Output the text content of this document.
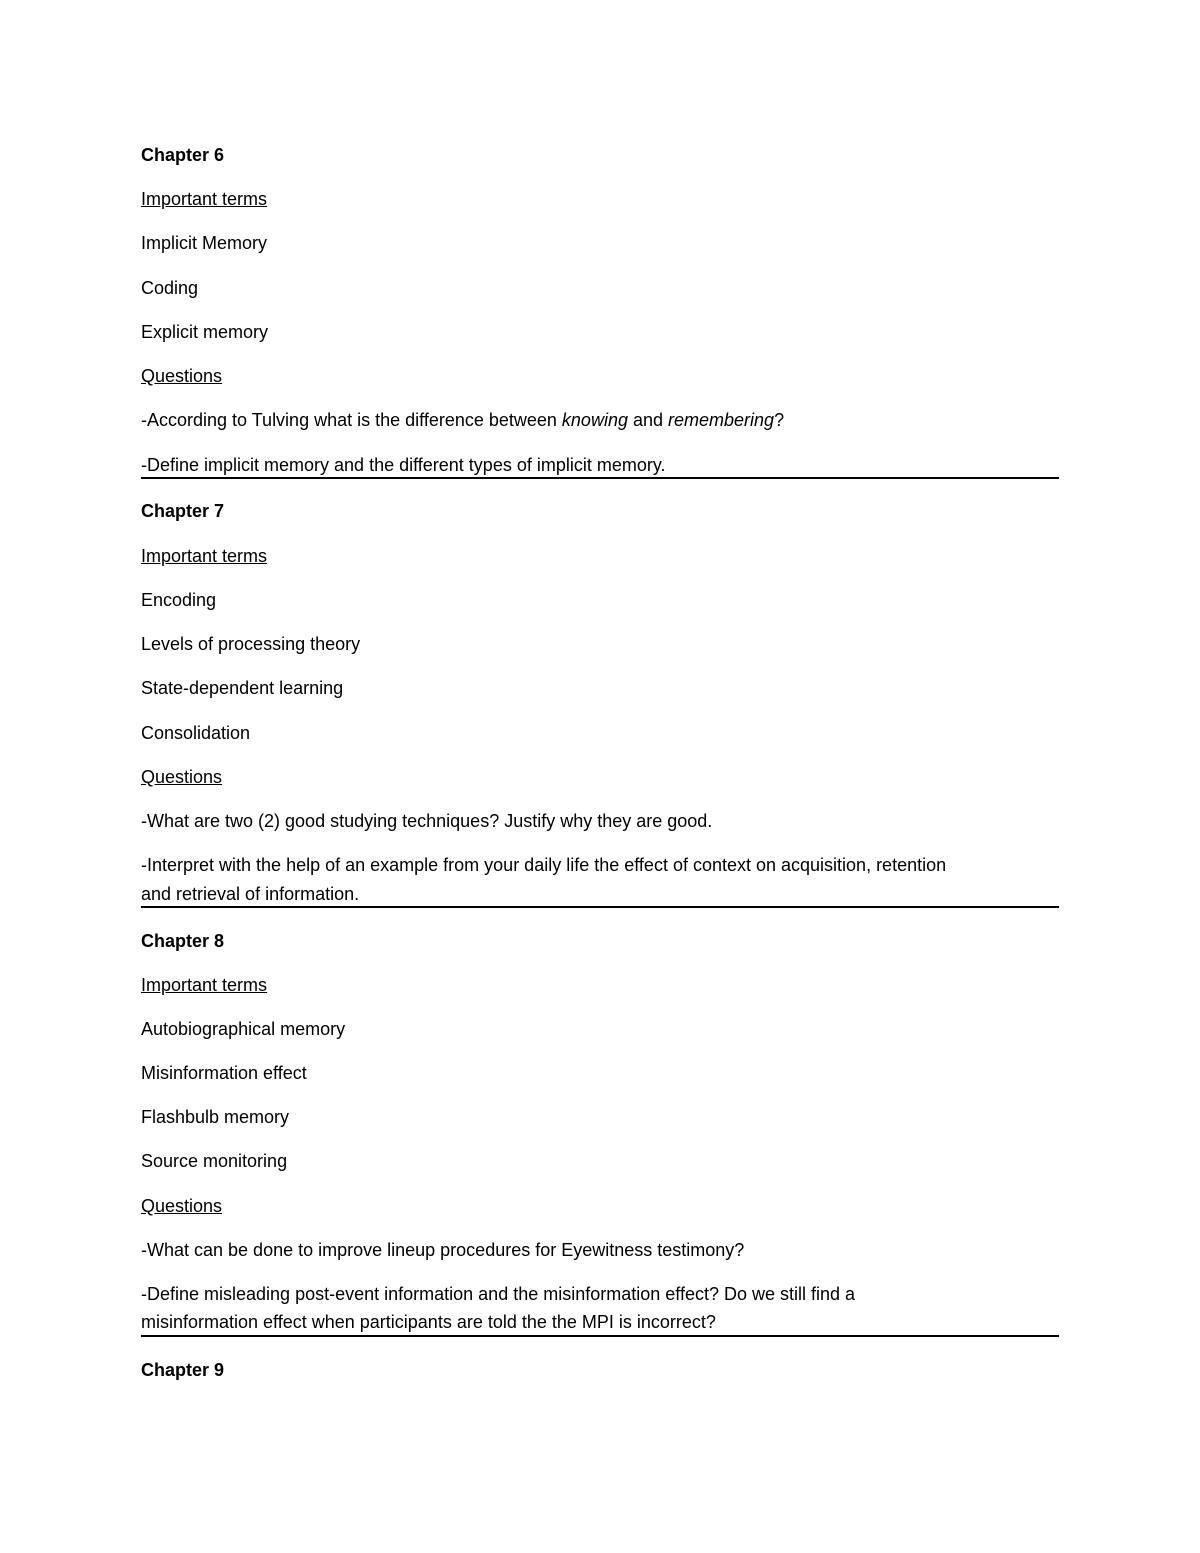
Chapter 6
Important terms
Implicit Memory
Coding
Explicit memory
Questions
-According to Tulving what is the difference between knowing and remembering?
-Define implicit memory and the different types of implicit memory.
Chapter 7
Important terms
Encoding
Levels of processing theory
State-dependent learning
Consolidation
Questions
-What are two (2) good studying techniques? Justify why they are good.
-Interpret with the help of an example from your daily life the effect of context on acquisition, retention
and retrieval of information.
Chapter 8
Important terms
Autobiographical memory
Misinformation effect
Flashbulb memory
Source monitoring
Questions
-What can be done to improve lineup procedures for Eyewitness testimony?
-Define misleading post-event information and the misinformation effect? Do we still find a
misinformation effect when participants are told the the MPI is incorrect?
Chapter 9
